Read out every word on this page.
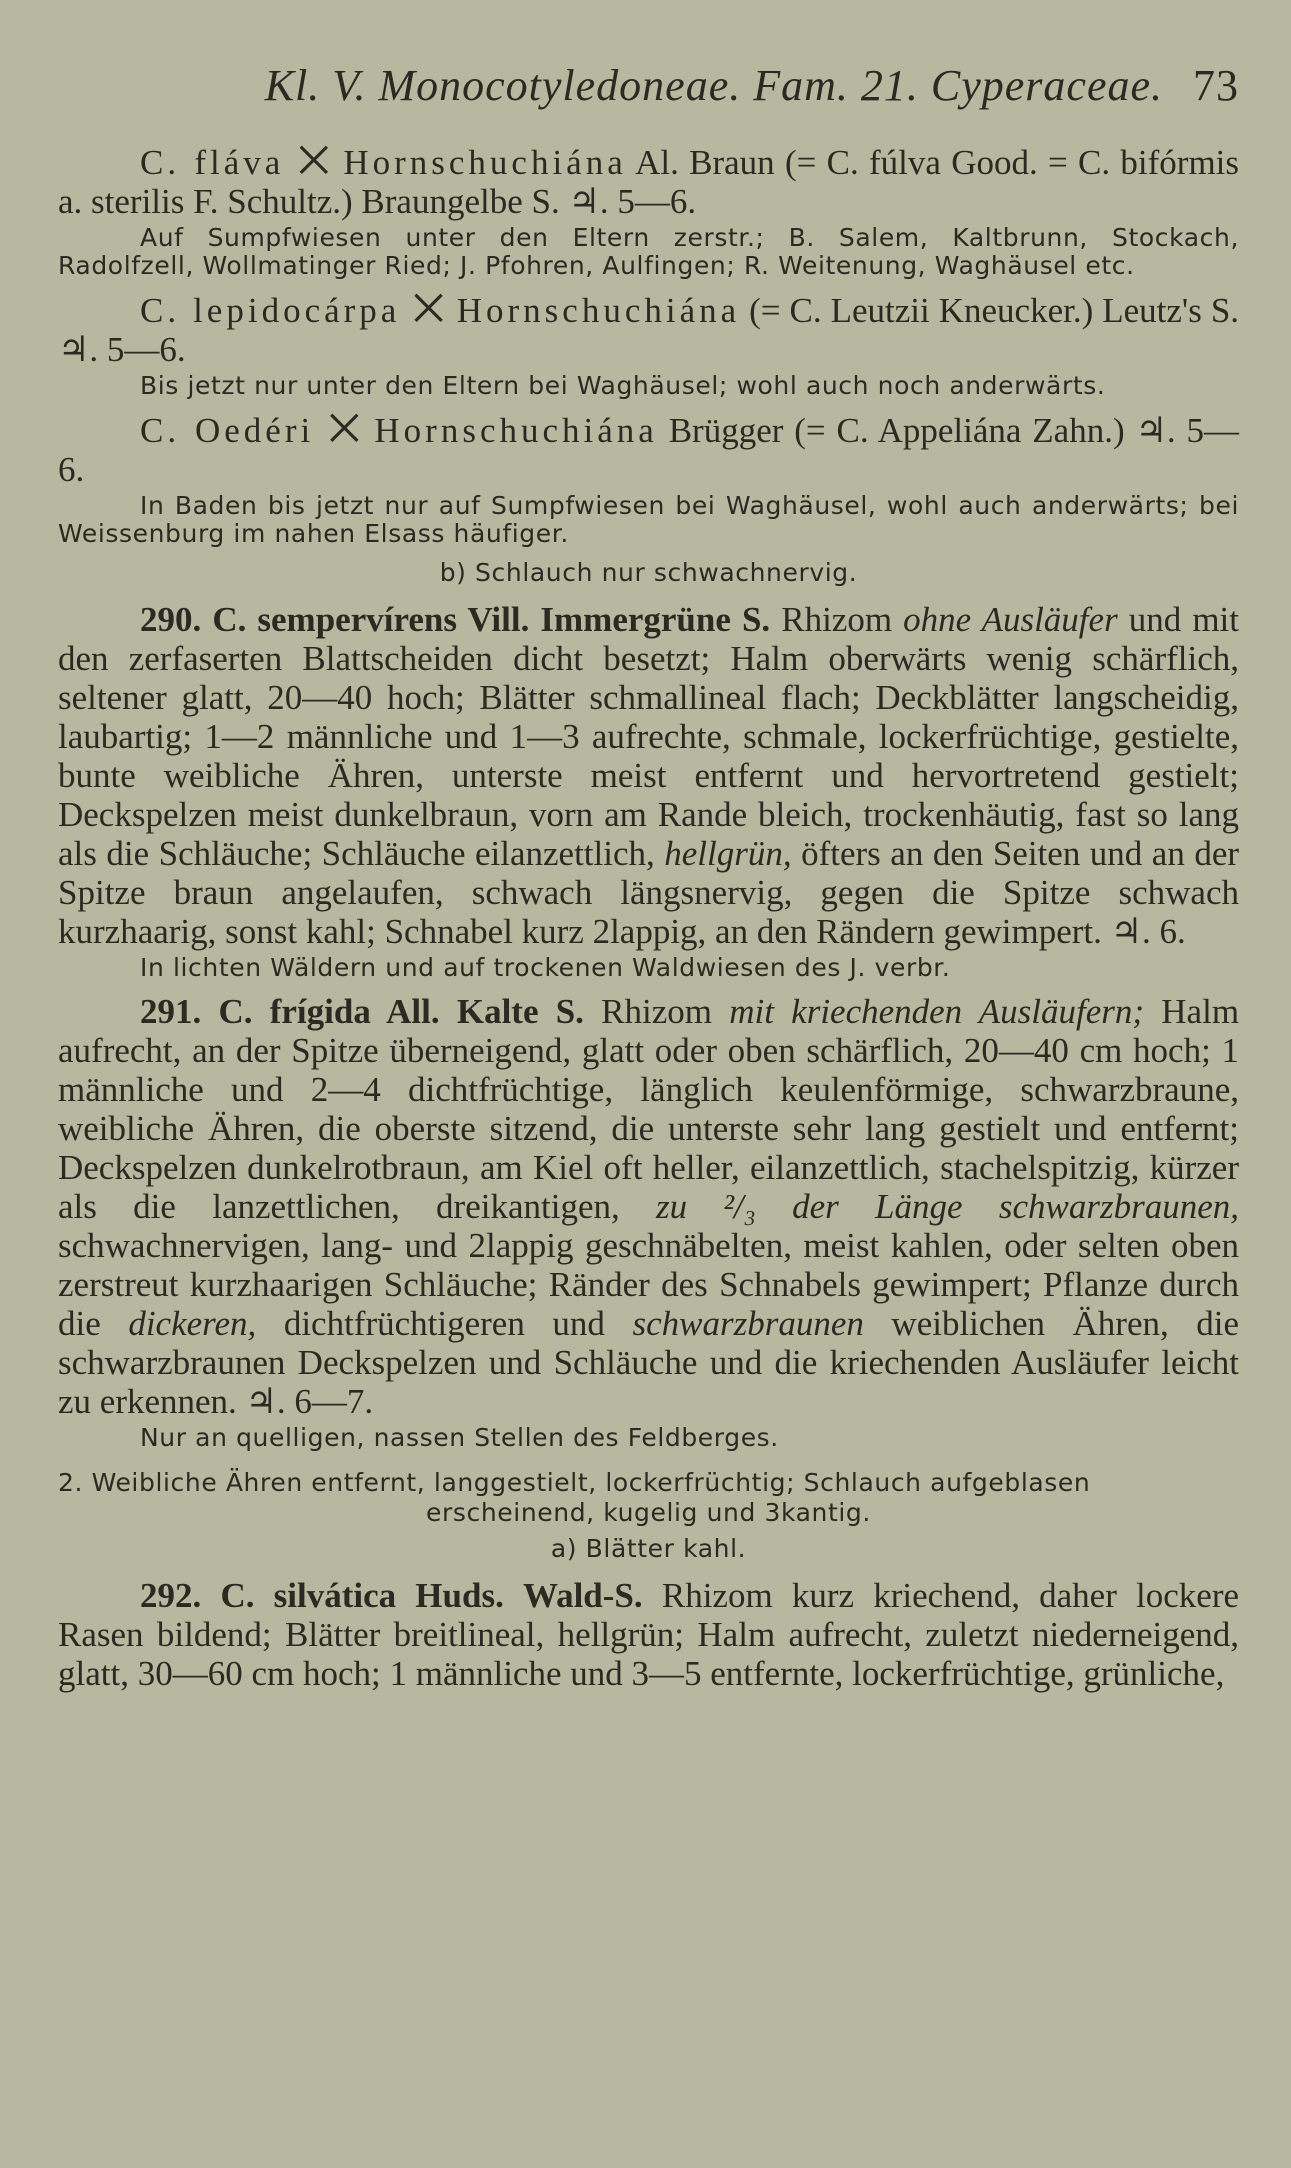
Kl. V. Monocotyledoneae. Fam. 21. Cyperaceae. 73

C. fláva ⨉ Hornschuchiána Al. Braun (= C. fúlva Good. = C. bifórmis a. sterilis F. Schultz.) Braungelbe S. ♃. 5—6.

Auf Sumpfwiesen unter den Eltern zerstr.; B. Salem, Kaltbrunn, Stockach, Radolfzell, Wollmatinger Ried; J. Pfohren, Aulfingen; R. Weitenung, Waghäusel etc.

C. lepidocárpa ⨉ Hornschuchiána (= C. Leutzii Kneucker.) Leutz's S. ♃. 5—6.

Bis jetzt nur unter den Eltern bei Waghäusel; wohl auch noch anderwärts.

C. Oedéri ⨉ Hornschuchiána Brügger (= C. Appeliána Zahn.) ♃. 5—6.

In Baden bis jetzt nur auf Sumpfwiesen bei Waghäusel, wohl auch anderwärts; bei Weissenburg im nahen Elsass häufiger.

b) Schlauch nur schwachnervig.

290. C. sempervírens Vill. Immergrüne S. Rhizom ohne Ausläufer und mit den zerfaserten Blattscheiden dicht besetzt; Halm oberwärts wenig schärflich, seltener glatt, 20—40 hoch; Blätter schmallineal flach; Deckblätter langscheidig, laubartig; 1—2 männliche und 1—3 aufrechte, schmale, lockerfrüchtige, gestielte, bunte weibliche Ähren, unterste meist entfernt und hervortretend gestielt; Deckspelzen meist dunkelbraun, vorn am Rande bleich, trockenhäutig, fast so lang als die Schläuche; Schläuche eilanzettlich, hellgrün, öfters an den Seiten und an der Spitze braun angelaufen, schwach längsnervig, gegen die Spitze schwach kurzhaarig, sonst kahl; Schnabel kurz 2lappig, an den Rändern gewimpert. ♃. 6.

In lichten Wäldern und auf trockenen Waldwiesen des J. verbr.

291. C. frígida All. Kalte S. Rhizom mit kriechenden Ausläufern; Halm aufrecht, an der Spitze überneigend, glatt oder oben schärflich, 20—40 cm hoch; 1 männliche und 2—4 dichtfrüchtige, länglich keulenförmige, schwarzbraune, weibliche Ähren, die oberste sitzend, die unterste sehr lang gestielt und entfernt; Deckspelzen dunkelrotbraun, am Kiel oft heller, eilanzettlich, stachelspitzig, kürzer als die lanzettlichen, dreikantigen, zu ²/₃ der Länge schwarzbraunen, schwachnervigen, lang- und 2lappig geschnäbelten, meist kahlen, oder selten oben zerstreut kurzhaarigen Schläuche; Ränder des Schnabels gewimpert; Pflanze durch die dickeren, dichtfrüchtigeren und schwarzbraunen weiblichen Ähren, die schwarzbraunen Deckspelzen und Schläuche und die kriechenden Ausläufer leicht zu erkennen. ♃. 6—7.

Nur an quelligen, nassen Stellen des Feldberges.

2. Weibliche Ähren entfernt, langgestielt, lockerfrüchtig; Schlauch aufgeblasen
erscheinend, kugelig und 3kantig.

a) Blätter kahl.

292. C. silvática Huds. Wald-S. Rhizom kurz kriechend, daher lockere Rasen bildend; Blätter breitlineal, hellgrün; Halm aufrecht, zuletzt niederneigend, glatt, 30—60 cm hoch; 1 männliche und 3—5 entfernte, lockerfrüchtige, grünliche,
